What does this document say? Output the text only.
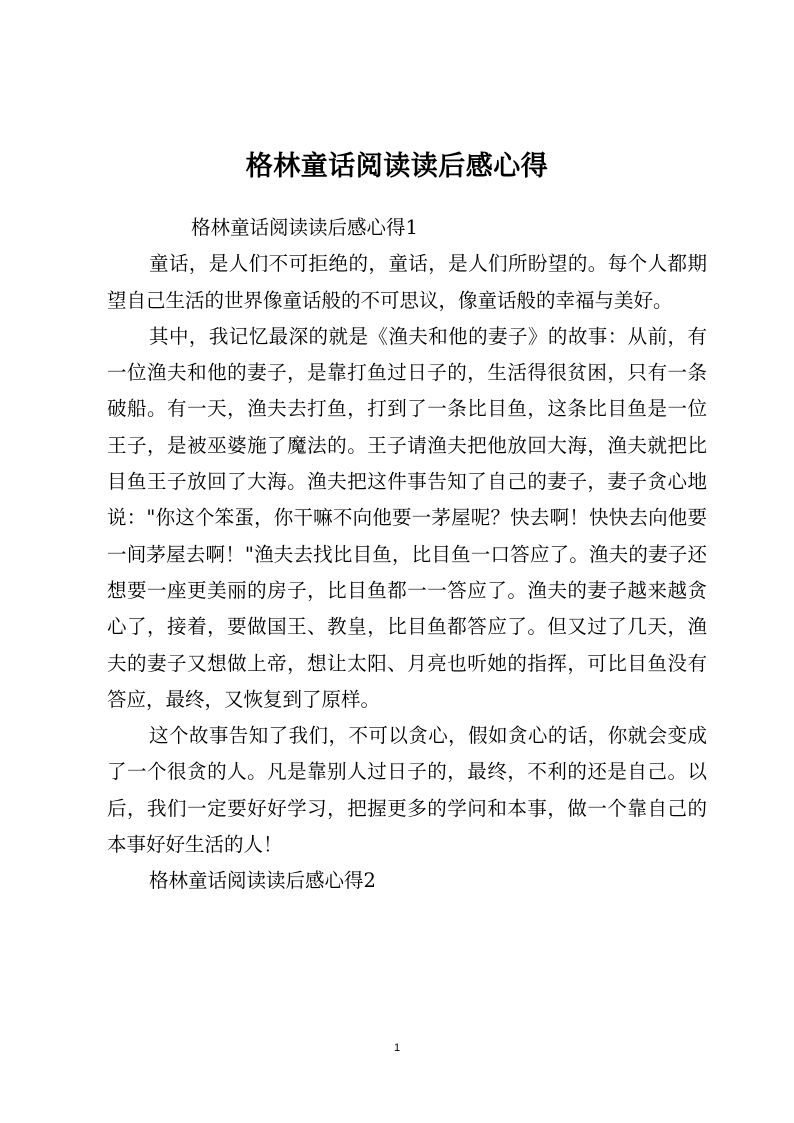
格林童话阅读读后感心得

格林童话阅读读后感心得1

童话，是人们不可拒绝的，童话，是人们所盼望的。每个人都期望自己生活的世界像童话般的不可思议，像童话般的幸福与美好。

其中，我记忆最深的就是《渔夫和他的妻子》的故事：从前，有一位渔夫和他的妻子，是靠打鱼过日子的，生活得很贫困，只有一条破船。有一天，渔夫去打鱼，打到了一条比目鱼，这条比目鱼是一位王子，是被巫婆施了魔法的。王子请渔夫把他放回大海，渔夫就把比目鱼王子放回了大海。渔夫把这件事告知了自己的妻子，妻子贪心地说："你这个笨蛋，你干嘛不向他要一茅屋呢？快去啊！快快去向他要一间茅屋去啊！"渔夫去找比目鱼，比目鱼一口答应了。渔夫的妻子还想要一座更美丽的房子，比目鱼都一一答应了。渔夫的妻子越来越贪心了，接着，要做国王、教皇，比目鱼都答应了。但又过了几天，渔夫的妻子又想做上帝，想让太阳、月亮也听她的指挥，可比目鱼没有答应，最终，又恢复到了原样。

这个故事告知了我们，不可以贪心，假如贪心的话，你就会变成了一个很贪的人。凡是靠别人过日子的，最终，不利的还是自己。以后，我们一定要好好学习，把握更多的学问和本事，做一个靠自己的本事好好生活的人！

格林童话阅读读后感心得2

1
